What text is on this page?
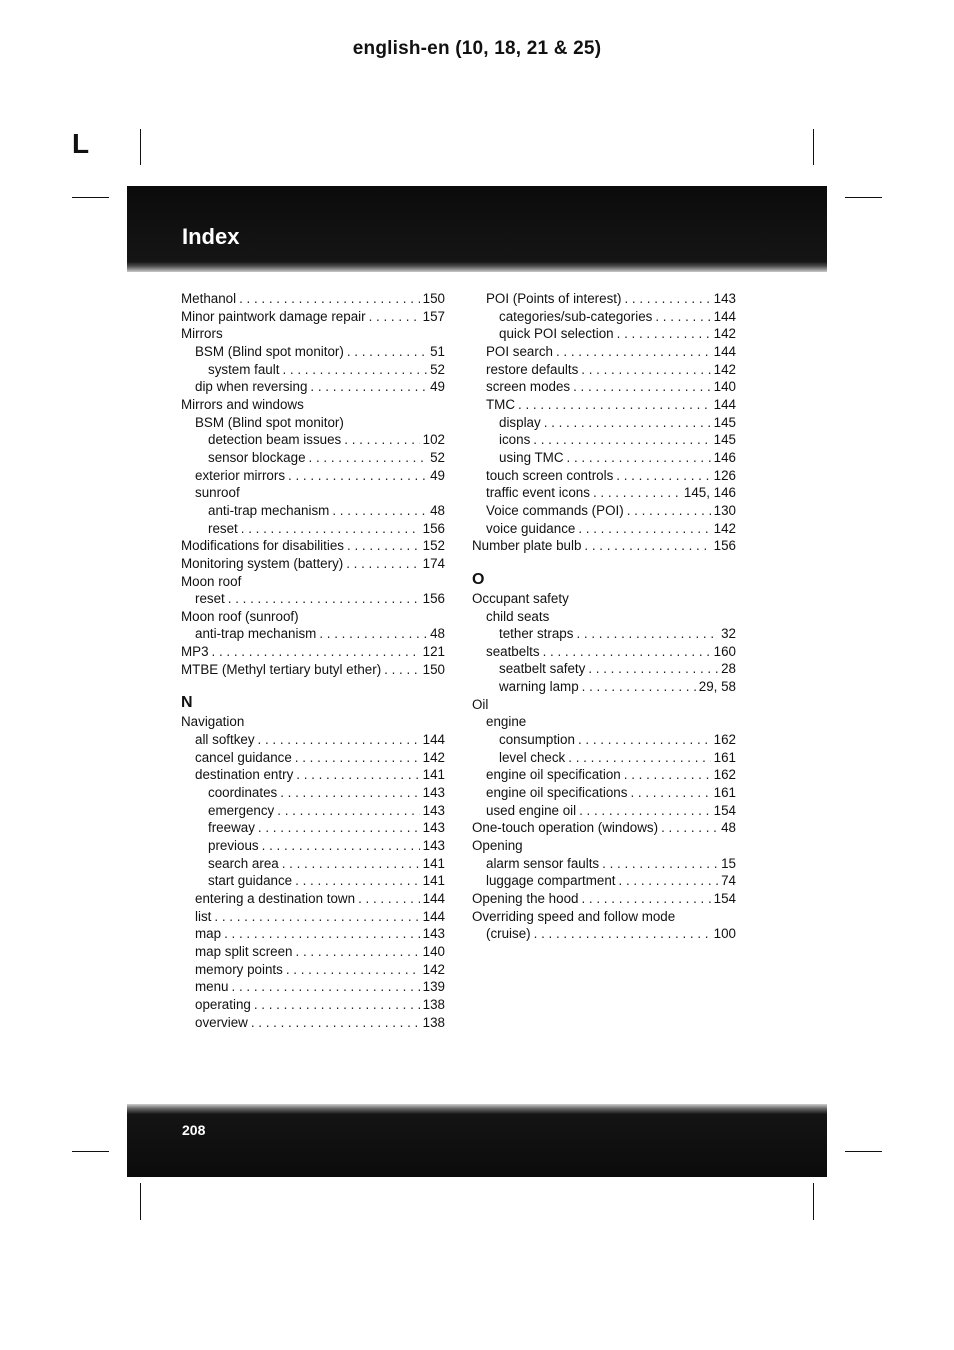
english-en (10, 18, 21 & 25)
L
Index
Methanol . . .	150
Minor paintwork damage repair . . .	157
Mirrors
BSM (Blind spot monitor) . . .	51
system fault . . .	52
dip when reversing . . .	49
Mirrors and windows
BSM (Blind spot monitor)
detection beam issues . . .	102
sensor blockage . . .	52
exterior mirrors . . .	49
sunroof
anti-trap mechanism . . .	48
reset . . .	156
Modifications for disabilities . . .	152
Monitoring system (battery) . . .	174
Moon roof
reset . . .	156
Moon roof (sunroof)
anti-trap mechanism . . .	48
MP3 . . .	121
MTBE (Methyl tertiary butyl ether) . . .	150
N
Navigation
all softkey . . .	144
cancel guidance . . .	142
destination entry . . .	141
coordinates . . .	143
emergency . . .	143
freeway . . .	143
previous . . .	143
search area . . .	141
start guidance . . .	141
entering a destination town . . .	144
list . . .	144
map . . .	143
map split screen . . .	140
memory points . . .	142
menu . . .	139
operating . . .	138
overview . . .	138
POI (Points of interest) . . .	143
categories/sub-categories . . .	144
quick POI selection . . .	142
POI search . . .	144
restore defaults . . .	142
screen modes . . .	140
TMC . . .	144
display . . .	145
icons . . .	145
using TMC . . .	146
touch screen controls . . .	126
traffic event icons . . .	145, 146
Voice commands (POI) . . .	130
voice guidance . . .	142
Number plate bulb . . .	156
O
Occupant safety
child seats
tether straps . . .	32
seatbelts . . .	160
seatbelt safety . . .	28
warning lamp . . .	29, 58
Oil
engine
consumption . . .	162
level check . . .	161
engine oil specification . . .	162
engine oil specifications . . .	161
used engine oil . . .	154
One-touch operation (windows) . . .	48
Opening
alarm sensor faults . . .	15
luggage compartment . . .	74
Opening the hood . . .	154
Overriding speed and follow mode
(cruise) . . .	100
208
